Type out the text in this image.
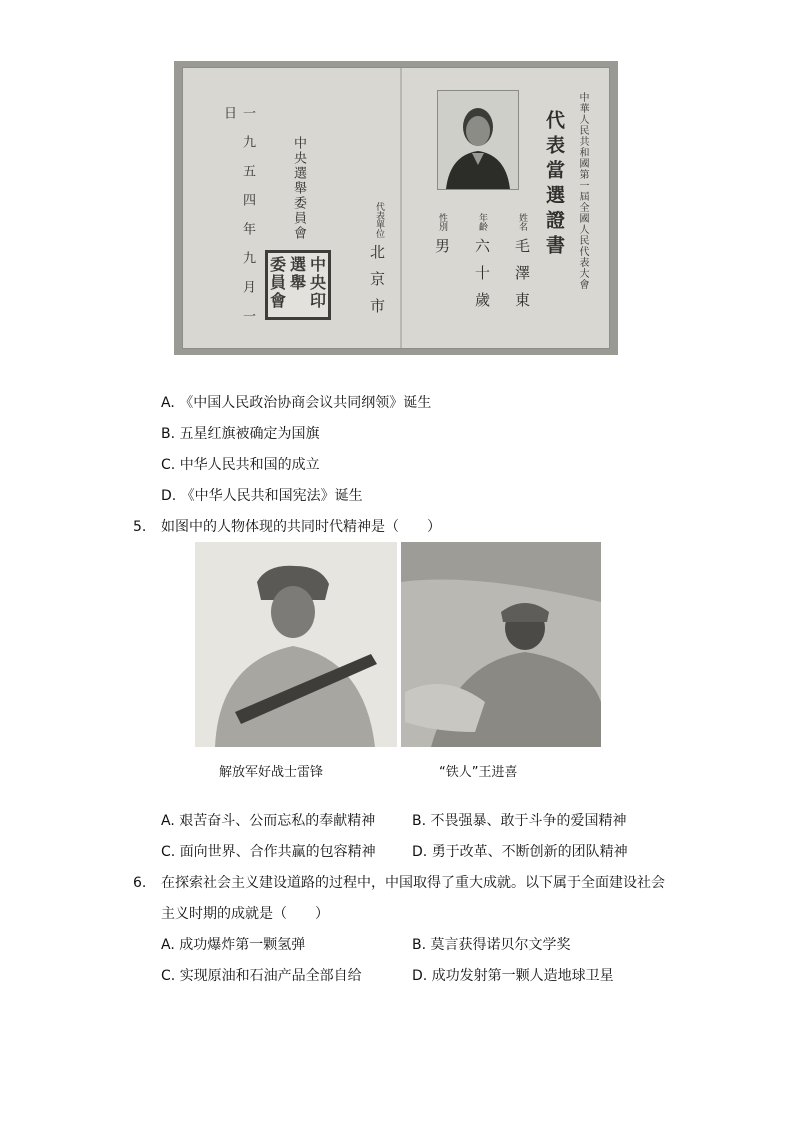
中華人民共和國第一屆全國人民代表大會
代表當選證書
姓名
毛澤東
年齡
六十歲
性別
男
代表單位
北京市
中央選舉委員會
一九五四年九月一日
中
央
選
舉
委
員
會 印
A. 《中国人民政治协商会议共同纲领》诞生
B. 五星红旗被确定为国旗
C. 中华人民共和国的成立
D. 《中华人民共和国宪法》诞生
5. 如图中的人物体现的共同时代精神是（　　）
解放军好战士雷锋	“铁人”王进喜
A. 艰苦奋斗、公而忘私的奉献精神	B. 不畏强暴、敢于斗争的爱国精神
C. 面向世界、合作共赢的包容精神	D. 勇于改革、不断创新的团队精神
6. 在探索社会主义建设道路的过程中，中国取得了重大成就。以下属于全面建设社会
主义时期的成就是（　　）
A. 成功爆炸第一颗氢弹	B. 莫言获得诺贝尔文学奖
C. 实现原油和石油产品全部自给	D. 成功发射第一颗人造地球卫星
